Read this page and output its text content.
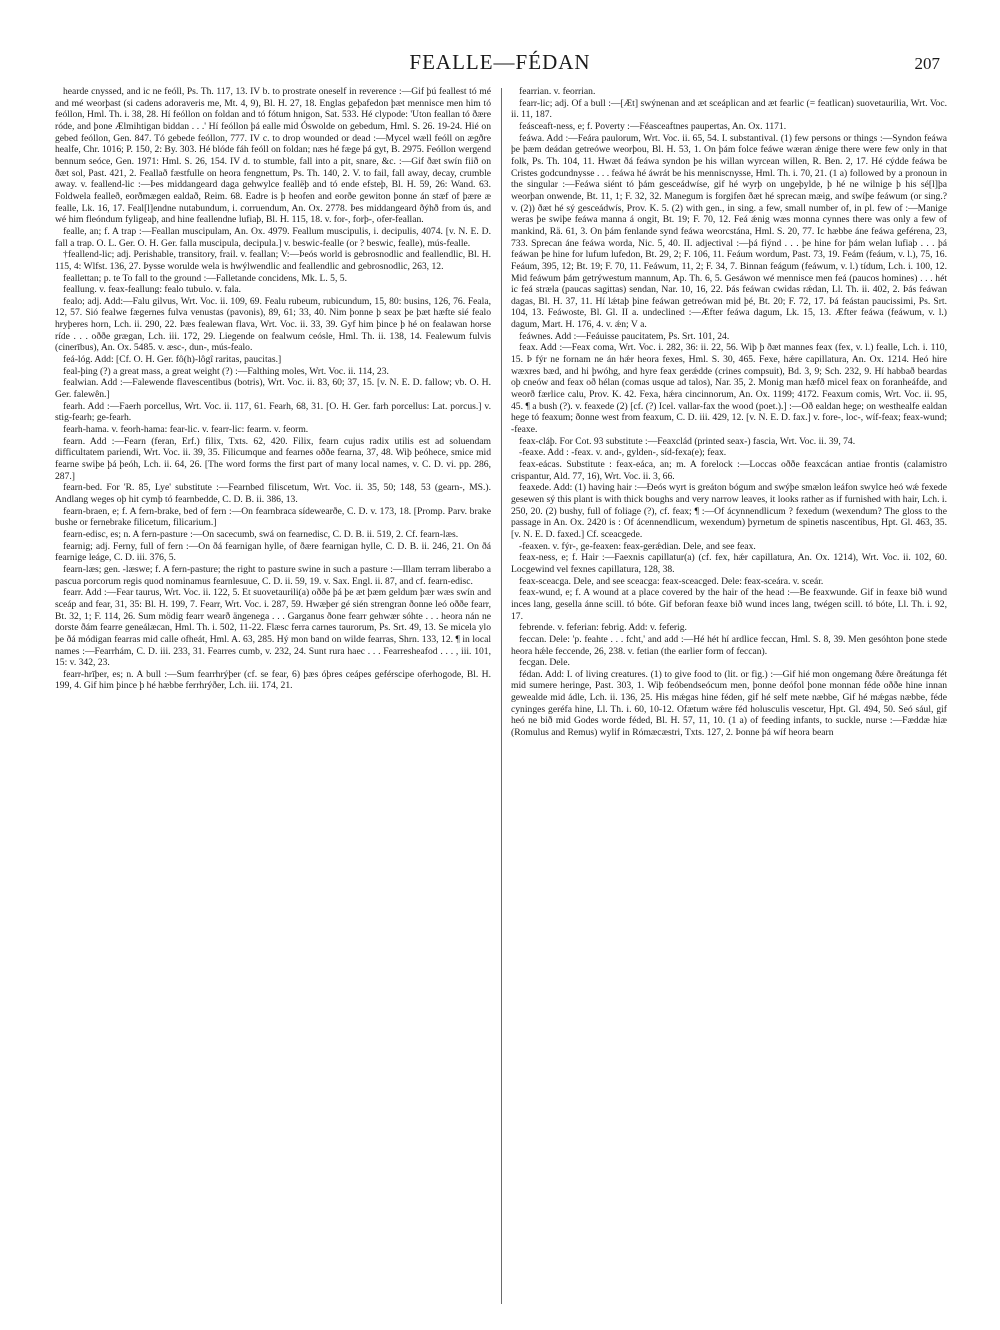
FEALLE—FÉDAN	207

hearde cnyssed, and ic ne feóll, Ps. Th. 117, 13. IV b. to prostrate oneself in reverence :—Gif þú feallest tó mé and mé weorþast (si cadens adoraveris me, Mt. 4, 9), Bl. H. 27, 18. Englas geþafedon þæt mennisce men him tó feóllon, Hml. Th. i. 38, 28. Hí feóllon on foldan and tó fótum hnigon, Sat. 533. Hé clypode: 'Uton feallan tó ðære róde, and þone Ælmihtigan biddan . . .' Hí feóllon þá ealle mid Óswolde on gebedum, Hml. S. 26. 19-24. Hié on gebed feóllon, Gen. 847. Tó gebede feóllon, 777. IV c. to drop wounded or dead :—Mycel wæll feóll on ægðre healfe, Chr. 1016; P. 150, 2: By. 303. Hé blóde fáh feóll on foldan; næs hé fæge þá gyt, B. 2975. Feóllon wergend bennum seóce, Gen. 1971: Hml. S. 26, 154. IV d. to stumble, fall into a pit, snare, &c. :—Gif ðæt swín fiið on ðæt sol, Past. 421, 2. Feallað fæstfulle on heora fengnettum, Ps. Th. 140, 2. V. to fail, fall away, decay, crumble away. v. feallend-lic :—Þes middangeard daga gehwylce feallëþ and tó ende efsteþ, Bl. H. 59, 26: Wand. 63. Foldwela fealleð, eorðmægen ealdað, Reim. 68. Eadre is þ heofen and eorðe gewiton þonne án stæf of þære æ fealle, Lk. 16, 17. Feal[l]endne nutabundum, i. corruendum, An. Ox. 2778. Þes middangeard ðýhð from ús, and wé him fleóndum fyligeaþ, and hine feallendne lufiaþ, Bl. H. 115, 18. v. for-, forþ-, ofer-feallan.

fealle, an; f. A trap :—Feallan muscipulam, An. Ox. 4979. Feallum muscipulis, i. decipulis, 4074. [v. N. E. D. fall a trap. O. L. Ger. O. H. Ger. falla muscipula, decipula.] v. beswic-fealle (or ? beswic, fealle), mús-fealle.

†feallend-lic; adj. Perishable, transitory, frail. v. feallan; V:—Þeós world is gebrosnodlic and feallendlic, Bl. H. 115, 4: Wlfst. 136, 27. Þysse worulde wela is hwýlwendlic and feallendlic and gebrosnodlic, 263, 12.

feallettan; p. te To fall to the ground :—Falletande concidens, Mk. L. 5, 5.

feallung. v. feax-feallung: fealo tubulo. v. fala.

fealo; adj. Add:—Falu gilvus, Wrt. Voc. ii. 109, 69. Fealu rubeum, rubicundum, 15, 80: busins, 126, 76. Feala, 12, 57. Sió fealwe fægernes fulva venustas (pavonis), 89, 61; 33, 40. Nim þonne þ seax þe þæt hæfte sié fealo hryþeres horn, Lch. ii. 290, 22. Þæs fealewan flava, Wrt. Voc. ii. 33, 39. Gyf him þince þ hé on fealawan horse ríde . . . oððe grægan, Lch. iii. 172, 29. Liegende on fealwum ceósle, Hml. Th. ii. 138, 14. Fealewum fulvis (cinerībus), An. Ox. 5485. v. æsc-, dun-, mús-fealo.

feá-lóg. Add: [Cf. O. H. Ger. fô(h)-lôgî raritas, paucitas.]

feal-þing (?) a great mass, a great weight (?) :—Falthing moles, Wrt. Voc. ii. 114, 23.

fealwian. Add :—Falewende flavescentibus (botris), Wrt. Voc. ii. 83, 60; 37, 15. [v. N. E. D. fallow; vb. O. H. Ger. falewên.]

fearh. Add :—Faerh porcellus, Wrt. Voc. ii. 117, 61. Fearh, 68, 31. [O. H. Ger. farh porcellus: Lat. porcus.] v. stig-fearh; ge-fearh.

fearh-hama. v. feorh-hama: fear-lic. v. fearr-lic: fearm. v. feorm.

fearn. Add :—Fearn (feran, Erf.) filix, Txts. 62, 420. Filix, fearn cujus radix utilis est ad soluendam difficultatem pariendi, Wrt. Voc. ii. 39, 35. Filicumque and fearnes oððe fearna, 37, 48. Wiþ þeóhece, smice mid fearne swiþe þá þeóh, Lch. ii. 64, 26. [The word forms the first part of many local names, v. C. D. vi. pp. 286, 287.]

fearn-bed. For 'R. 85, Lye' substitute :—Fearnbed filiscetum, Wrt. Voc. ii. 35, 50; 148, 53 (gearn-, MS.). Andlang weges oþ hit cymþ tó fearnbedde, C. D. B. ii. 386, 13.

fearn-braen, e; f. A fern-brake, bed of fern :—On fearnbraca sídewearðe, C. D. v. 173, 18. [Promp. Parv. brake bushe or fernebrake filicetum, filicarium.]

fearn-edisc, es; n. A fern-pasture :—On sacecumb, swá on fearnedisc, C. D. B. ii. 519, 2. Cf. fearn-læs.

fearnig; adj. Ferny, full of fern :—On ðá fearnigan hylle, of ðære fearnigan hylle, C. D. B. ii. 246, 21. On ðá fearnige leáge, C. D. iii. 376, 5.

fearn-læs; gen. -læswe; f. A fern-pasture; the right to pasture swine in such a pasture :—Illam terram liberabo a pascua porcorum regis quod nominamus fearnlesuue, C. D. ii. 59, 19. v. Sax. Engl. ii. 87, and cf. fearn-edisc.

fearr. Add :—Fear taurus, Wrt. Voc. ii. 122, 5. Et suovetaurili(a) oððe þá þe æt þæm geldum þær wæs swín and sceáp and fear, 31, 35: Bl. H. 199, 7. Fearr, Wrt. Voc. i. 287, 59. Hwæþer gé sién strengran ðonne leó oððe fearr, Bt. 32, 1; F. 114, 26. Sum mödig fearr wearð ängenega . . . Garganus ðone fearr gehwær sóhte . . . heora nán ne dorste ðám fearre geneálæcan, Hml. Th. i. 502, 11-22. Flæsc ferra carnes taurorum, Ps. Srt. 49, 13. Se micela ylo þe ðá módigan fearras mid calle ofheát, Hml. A. 63, 285. Hý mon band on wilde fearras, Shrn. 133, 12. ¶ in local names :—Fearrhám, C. D. iii. 233, 31. Fearres cumb, v. 232, 24. Sunt rura haec . . . Fearresheafod . . . , iii. 101, 15: v. 342, 23.

fearr-hrīþer, es; n. A bull :—Sum fearrhrýþer (cf. se fear, 6) þæs óþres ceápes geférscipe oferhogode, Bl. H. 199, 4. Gif him þince þ hé hæbbe ferrhrýðer, Lch. iii. 174, 21.

fearrian. v. feorrian.

fearr-lic; adj. Of a bull :—[Æt] swýnenan and æt sceáplican and æt fearlic (= featlican) suovetaurilia, Wrt. Voc. ii. 11, 187.

feásceaft-ness, e; f. Poverty :—Féasceaftnes paupertas, An. Ox. 1171.

feáwa. Add :—Feára paulorum, Wrt. Voc. ii. 65, 54. I. substantival. (1) few persons or things :—Syndon feáwa þe þæm deádan getreówe weorþou, Bl. H. 53, 1. On þám folce feáwe wæran ǽnige there were few only in that folk, Ps. Th. 104, 11. Hwæt ðá feáwa syndon þe his willan wyrcean willen, R. Ben. 2, 17. Hé cýdde feáwa be Cristes godcundnysse . . . feáwa hé áwrát be his menniscnysse, Hml. Th. i. 70, 21. (1 a) followed by a pronoun in the singular :—Feáwa siént tó þám gesceádwíse, gif hé wyrþ on ungeþylde, þ hé ne wilnige þ his sé[l]þa weorþan onwende, Bt. 11, 1; F. 32, 32. Manegum is forgifen ðæt hé sprecan mæig, and swíþe feáwum (or sing.? v. (2)) ðæt hé sý gesceádwís, Prov. K. 5. (2) with gen., in sing. a few, small number of, in pl. few of :—Manige weras þe swiþe feáwa manna á ongit, Bt. 19; F. 70, 12. Feá ǽnig wæs monna cynnes there was only a few of mankind, Rä. 61, 3. On þám fenlande synd feáwa weorcstána, Hml. S. 20, 77. Ic hæbbe áne feáwa geférena, 23, 733. Sprecan áne feáwa worda, Nic. 5, 40. II. adjectival :—þá fiýnd . . . þe hine for þám welan lufiaþ . . . þá feáwan þe hine for lufum lufedon, Bt. 29, 2; F. 106, 11. Feáum wordum, Past. 73, 19. Feám (feáum, v. l.), 75, 16. Feáum, 395, 12; Bt. 19; F. 70, 11. Feáwum, 11, 2; F. 34, 7. Binnan feágum (feáwum, v. l.) tídum, Lch. i. 100, 12. Mid feáwum þám getrýwestum mannum, Ap. Th. 6, 5. Gesáwon wé mennisce men feá (paucos homines) . . . hét ic feá stræla (paucas sagittas) sendan, Nar. 10, 16, 22. Þás feáwan cwidas rǽdan, Ll. Th. ii. 402, 2. Þás feáwan dagas, Bl. H. 37, 11. Hí lǽtaþ þine feáwan getreówan mid þé, Bt. 20; F. 72, 17. Þá feástan paucissimi, Ps. Srt. 104, 13. Feáwoste, Bl. Gl. II a. undeclined :—Æfter feáwa dagum, Lk. 15, 13. Æfter feáwa (feáwum, v. l.) dagum, Mart. H. 176, 4. v. ǽn; V a.

feáwnes. Add :—Feáuisse paucitatem, Ps. Srt. 101, 24.

feax. Add :—Feax coma, Wrt. Voc. i. 282, 36: ii. 22, 56. Wiþ þ ðæt mannes feax (fex, v. l.) fealle, Lch. i. 110, 15. Þ fýr ne fornam ne án hǽr heora fexes, Hml. S. 30, 465. Fexe, hǽre capillatura, An. Ox. 1214. Heó hire wæxres bæd, and hi þwóhg, and hyre feax gerǽdde (crines compsuit), Bd. 3, 9; Sch. 232, 9. Hí habbað beardas oþ cneów and feax oð hélan (comas usque ad talos), Nar. 35, 2. Monig man hæfð micel feax on foranheáfde, and weorð færlice calu, Prov. K. 42. Fexa, hǽra cincinnorum, An. Ox. 1199; 4172. Feaxum comis, Wrt. Voc. ii. 95, 45. ¶ a bush (?). v. feaxede (2) [cf. (?) Icel. vallar-fax the wood (poet.).] :—Oð ealdan hege; on westhealfe ealdan hege tó feaxum; ðonne west from feaxum, C. D. iii. 429, 12. [v. N. E. D. fax.] v. fore-, loc-, wíf-feax; feax-wund; -feaxe.

feax-cláþ. For Cot. 93 substitute :—Feaxclád (printed seax-) fascia, Wrt. Voc. ii. 39, 74.

-feaxe. Add : -feax. v. and-, gylden-, síd-fexa(e); feax.

feax-eácas. Substitute : feax-eáca, an; m. A forelock :—Loccas oððe feaxcácan antiae frontis (calamistro crispantur, Ald. 77, 16), Wrt. Voc. ii. 3, 66.

feaxede. Add: (1) having hair :—Ðeós wyrt is greáton bógum and swýþe smælon leáfon swylce heó wǽ fexede gesewen sý this plant is with thick boughs and very narrow leaves, it looks rather as if furnished with hair, Lch. i. 250, 20. (2) bushy, full of foliage (?), cf. feax; ¶ :—Of ácynnendlicum ? fexedum (wexendum? The gloss to the passage in An. Ox. 2420 is : Of ácennendlicum, wexendum) þyrnetum de spinetis nascentibus, Hpt. Gl. 463, 35. [v. N. E. D. faxed.] Cf. sceacgede.

-feaxen. v. fýr-, ge-feaxen: feax-gerǽdian. Dele, and see feax.

feax-ness, e; f. Hair :—Faexnis capillatur(a) (cf. fex, hǽr capillatura, An. Ox. 1214), Wrt. Voc. ii. 102, 60. Locgewind vel fexnes capillatura, 128, 38.

feax-sceacga. Dele, and see sceacga: feax-sceacged. Dele: feax-sceára. v. sceár.

feax-wund, e; f. A wound at a place covered by the hair of the head :—Be feaxwunde. Gif in feaxe bið wund inces lang, gesella ánne scill. tó bóte. Gif beforan feaxe bið wund inces lang, twégen scill. tó bóte, Ll. Th. i. 92, 17.

febrende. v. feferian: febrig. Add: v. feferig.

feccan. Dele: 'p. feahte . . . fcht,' and add :—Hé hét hí ardlice feccan, Hml. S. 8, 39. Men gesóhton þone stede heora hǽle feccende, 26, 238. v. fetian (the earlier form of feccan).

fecgan. Dele.

fédan. Add: I. of living creatures. (1) to give food to (lit. or fig.) :—Gif hié mon ongemang ðǽre ðreátunga fét mid sumere heringe, Past. 303, 1. Wiþ feóbendseócum men, þonne deófol þone monnan féde oððe hine innan gewealde mid ádle, Lch. ii. 136, 25. His mǽgas hine féden, gif hé self mete næbbe, Gif hé mǽgas næbbe, féde cyninges geréfa hine, Ll. Th. i. 60, 10-12. Ofætum wǽre féd holusculis vescetur, Hpt. Gl. 494, 50. Seó sául, gif heó ne bið mid Godes worde féded, Bl. H. 57, 11, 10. (1 a) of feeding infants, to suckle, nurse :—Fæddæ hiæ (Romulus and Remus) wylif in Rómæcæstri, Txts. 127, 2. Þonne þá wíf heora bearn
